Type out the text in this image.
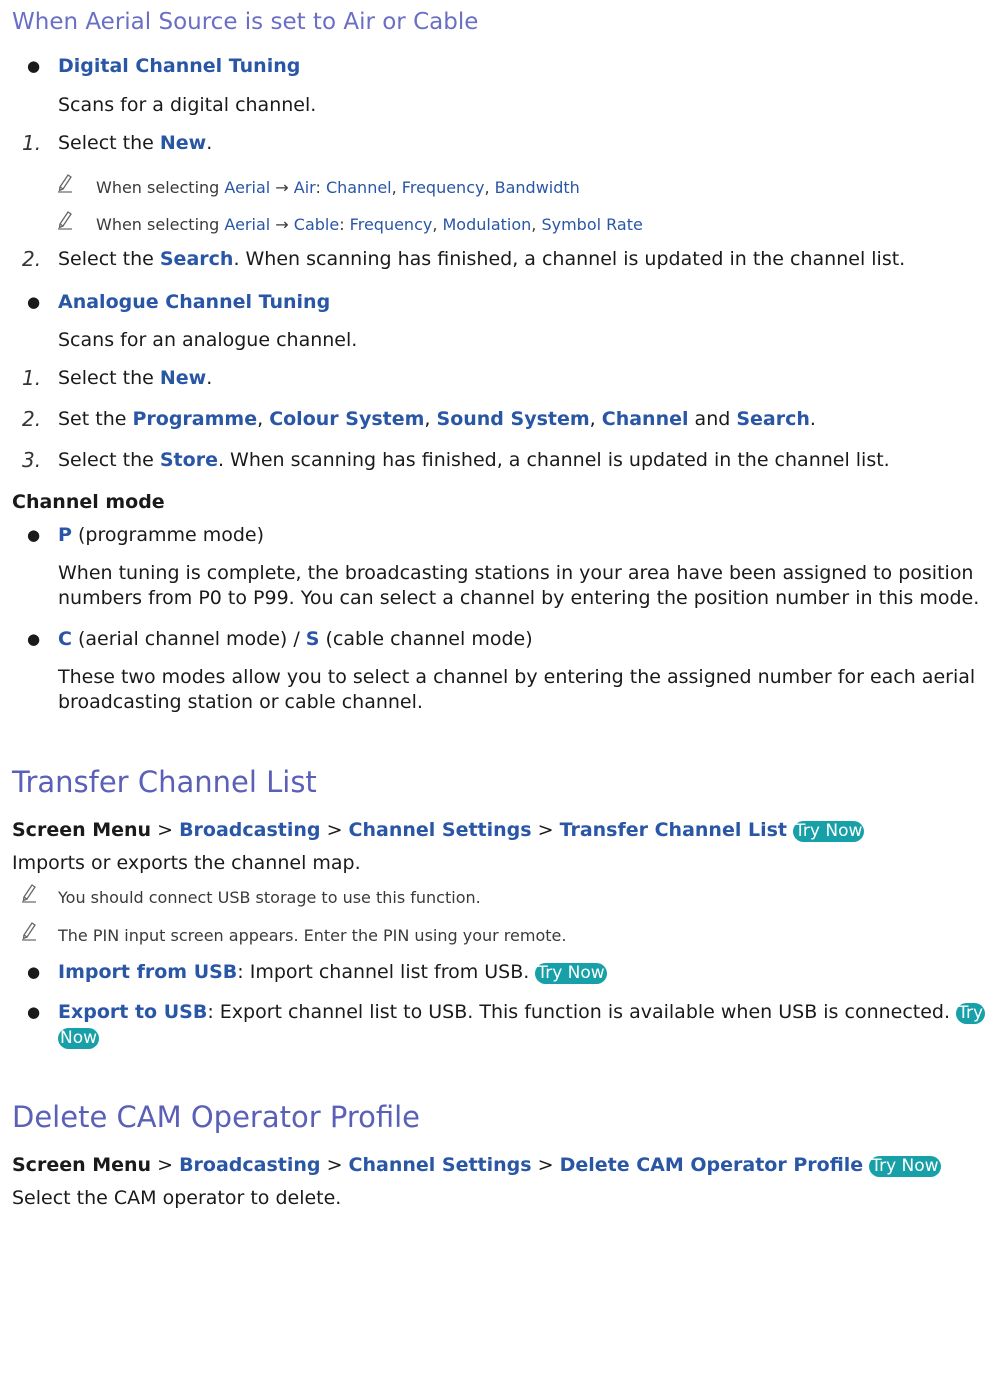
When Aerial Source is set to Air or Cable
● Digital Channel Tuning
Scans for a digital channel.
1. Select the New.
When selecting Aerial → Air: Channel, Frequency, Bandwidth
When selecting Aerial → Cable: Frequency, Modulation, Symbol Rate
2. Select the Search. When scanning has finished, a channel is updated in the channel list.
● Analogue Channel Tuning
Scans for an analogue channel.
1. Select the New.
2. Set the Programme, Colour System, Sound System, Channel and Search.
3. Select the Store. When scanning has finished, a channel is updated in the channel list.
Channel mode
● P (programme mode)
When tuning is complete, the broadcasting stations in your area have been assigned to position
numbers from P0 to P99. You can select a channel by entering the position number in this mode.
● C (aerial channel mode) / S (cable channel mode)
These two modes allow you to select a channel by entering the assigned number for each aerial
broadcasting station or cable channel.
Transfer Channel List
Screen Menu > Broadcasting > Channel Settings > Transfer Channel List Try Now
Imports or exports the channel map.
You should connect USB storage to use this function.
The PIN input screen appears. Enter the PIN using your remote.
● Import from USB: Import channel list from USB. Try Now
● Export to USB: Export channel list to USB. This function is available when USB is connected. Try
Now
Delete CAM Operator Profile
Screen Menu > Broadcasting > Channel Settings > Delete CAM Operator Profile Try Now
Select the CAM operator to delete.
